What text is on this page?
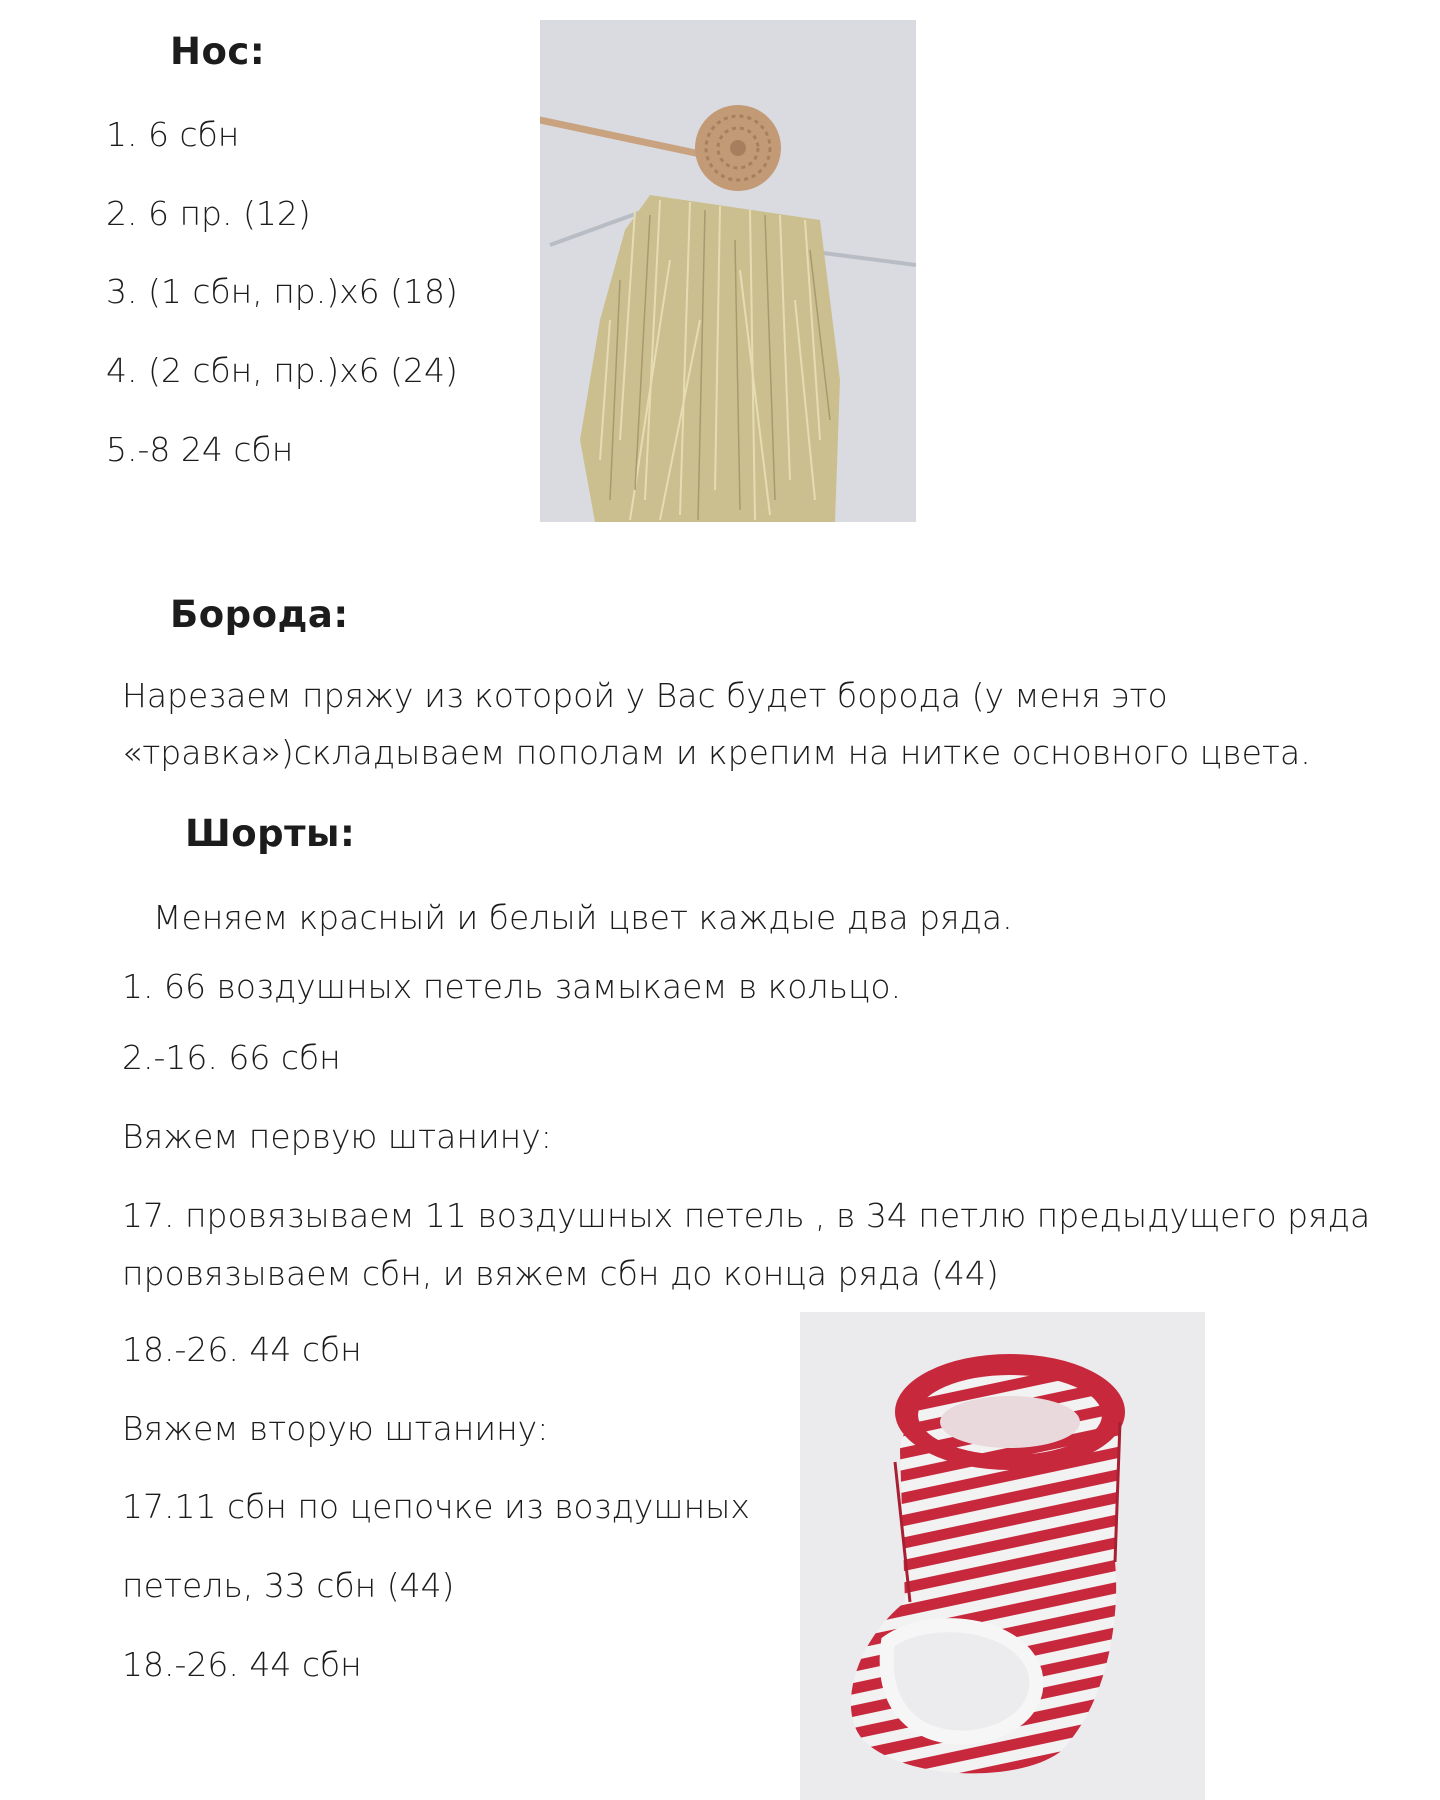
Нос:
1. 6 сбн
2. 6 пр. (12)
3. (1 сбн, пр.)х6 (18)
4. (2 сбн, пр.)х6 (24)
5.-8 24 сбн
Борода:
Нарезаем пряжу из которой у Вас будет борода (у меня это
«травка»)складываем пополам и крепим на нитке основного цвета.
Шорты:
Меняем красный и белый цвет каждые два ряда.
1. 66 воздушных петель замыкаем в кольцо.
2.-16. 66 сбн
Вяжем первую штанину:
17. провязываем 11 воздушных петель , в 34 петлю предыдущего ряда
провязываем сбн, и вяжем сбн до конца ряда (44)
18.-26. 44 сбн
Вяжем вторую штанину:
17.11 сбн по цепочке из воздушных
петель, 33 сбн (44)
18.-26. 44 сбн
